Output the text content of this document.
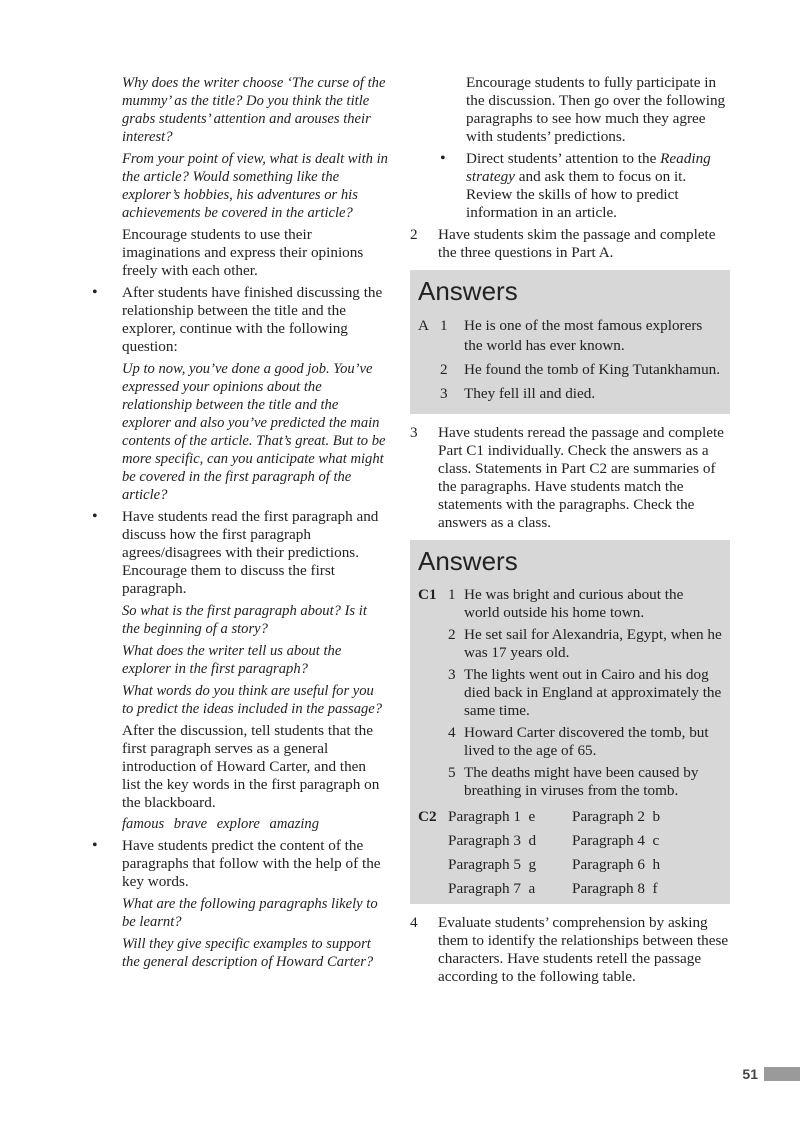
Why does the writer choose ‘The curse of the mummy’ as the title? Do you think the title grabs students’ attention and arouses their interest?

From your point of view, what is dealt with in the article? Would something like the explorer’s hobbies, his adventures or his achievements be covered in the article?

Encourage students to use their imaginations and express their opinions freely with each other.

• After students have finished discussing the relationship between the title and the explorer, continue with the following question:

Up to now, you’ve done a good job. You’ve expressed your opinions about the relationship between the title and the explorer and also you’ve predicted the main contents of the article. That’s great. But to be more specific, can you anticipate what might be covered in the first paragraph of the article?

• Have students read the first paragraph and discuss how the first paragraph agrees/disagrees with their predictions. Encourage them to discuss the first paragraph.

So what is the first paragraph about? Is it the beginning of a story?

What does the writer tell us about the explorer in the first paragraph?

What words do you think are useful for you to predict the ideas included in the passage?

After the discussion, tell students that the first paragraph serves as a general introduction of Howard Carter, and then list the key words in the first paragraph on the blackboard.

famous brave explore amazing

• Have students predict the content of the paragraphs that follow with the help of the key words.

What are the following paragraphs likely to be learnt?

Will they give specific examples to support the general description of Howard Carter?

Encourage students to fully participate in the discussion. Then go over the following paragraphs to see how much they agree with students’ predictions.

• Direct students’ attention to the Reading strategy and ask them to focus on it. Review the skills of how to predict information in an article.

2 Have students skim the passage and complete the three questions in Part A.

Answers
A 1	He is one of the most famous explorers the world has ever known.
2	He found the tomb of King Tutankhamun.
3	They fell ill and died.

3 Have students reread the passage and complete Part C1 individually. Check the answers as a class. Statements in Part C2 are summaries of the paragraphs. Have students match the statements with the paragraphs. Check the answers as a class.

Answers
C1 1 He was bright and curious about the world outside his home town.
2 He set sail for Alexandria, Egypt, when he was 17 years old.
3 The lights went out in Cairo and his dog died back in England at approximately the same time.
4 Howard Carter discovered the tomb, but lived to the age of 65.
5 The deaths might have been caused by breathing in viruses from the tomb.
C2 Paragraph 1  e	Paragraph 2  b
Paragraph 3  d	Paragraph 4  c
Paragraph 5  g	Paragraph 6  h
Paragraph 7  a	Paragraph 8  f

4 Evaluate students’ comprehension by asking them to identify the relationships between these characters. Have students retell the passage according to the following table.

51
